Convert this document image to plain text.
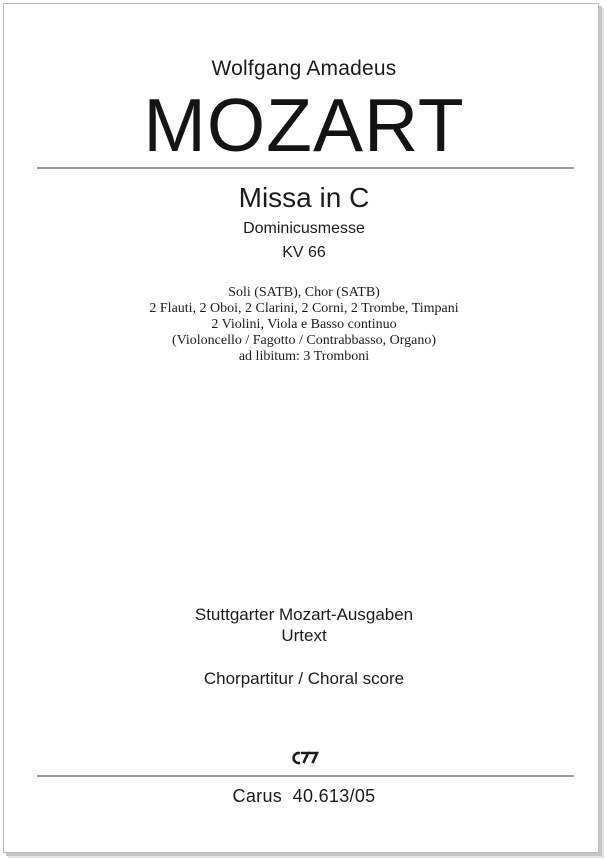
Wolfgang Amadeus
MOZART
Missa in C
Dominicusmesse
KV 66
Soli (SATB), Chor (SATB)
2 Flauti, 2 Oboi, 2 Clarini, 2 Corni, 2 Trombe, Timpani
2 Violini, Viola e Basso continuo
(Violoncello / Fagotto / Contrabbasso, Organo)
ad libitum: 3 Tromboni
Stuttgarter Mozart-Ausgaben
Urtext
Chorpartitur / Choral score
Carus  40.613/05
